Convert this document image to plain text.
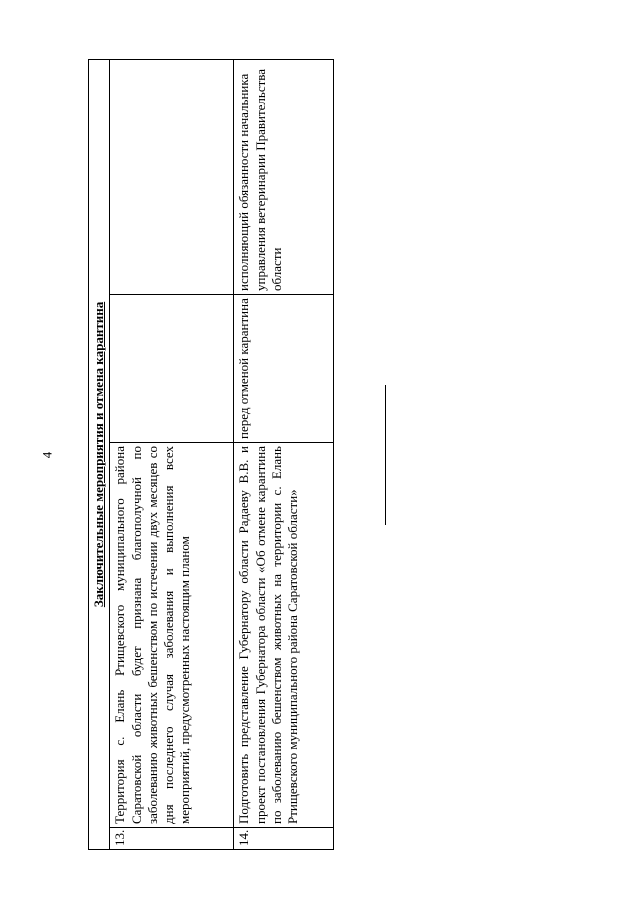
4	Заключительные мероприятия и отмена карантина			
13.	Территория с. Елань Ртищевского муниципального района Саратовской области будет признана благополучной по заболеванию животных бешенством по истечении двух месяцев со дня последнего случая заболевания и выполнения всех мероприятий, предусмотренных настоящим планом		
14.	Подготовить представление Губернатору области Радаеву В.В. и проект постановления Губернатора области «Об отмене карантина по заболеванию бешенством животных на территории с. Елань Ртищевского муниципального района Саратовской области»	перед отменой карантина	исполняющий обязанности начальника управления ветеринарии Правительства области
